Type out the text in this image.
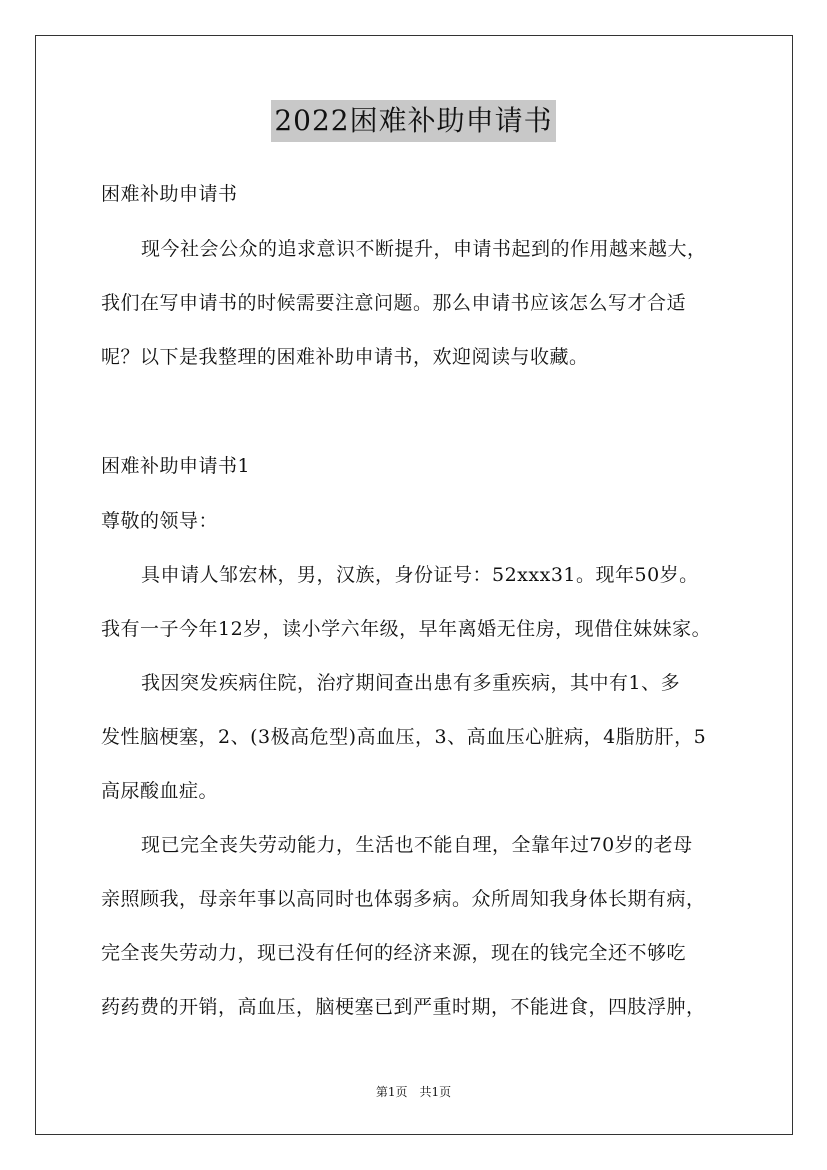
2022困难补助申请书
困难补助申请书
现今社会公众的追求意识不断提升，申请书起到的作用越来越大，
我们在写申请书的时候需要注意问题。那么申请书应该怎么写才合适
呢？以下是我整理的困难补助申请书，欢迎阅读与收藏。
困难补助申请书1
尊敬的领导：
具申请人邹宏林，男，汉族，身份证号：52xxx31。现年50岁。
我有一子今年12岁，读小学六年级，早年离婚无住房，现借住妹妹家。
我因突发疾病住院，治疗期间查出患有多重疾病，其中有1、多
发性脑梗塞，2、(3极高危型)高血压，3、高血压心脏病，4脂肪肝，5
高尿酸血症。
现已完全丧失劳动能力，生活也不能自理，全靠年过70岁的老母
亲照顾我，母亲年事以高同时也体弱多病。众所周知我身体长期有病，
完全丧失劳动力，现已没有任何的经济来源，现在的钱完全还不够吃
药药费的开销，高血压，脑梗塞已到严重时期，不能进食，四肢浮肿，
第1页　共1页
